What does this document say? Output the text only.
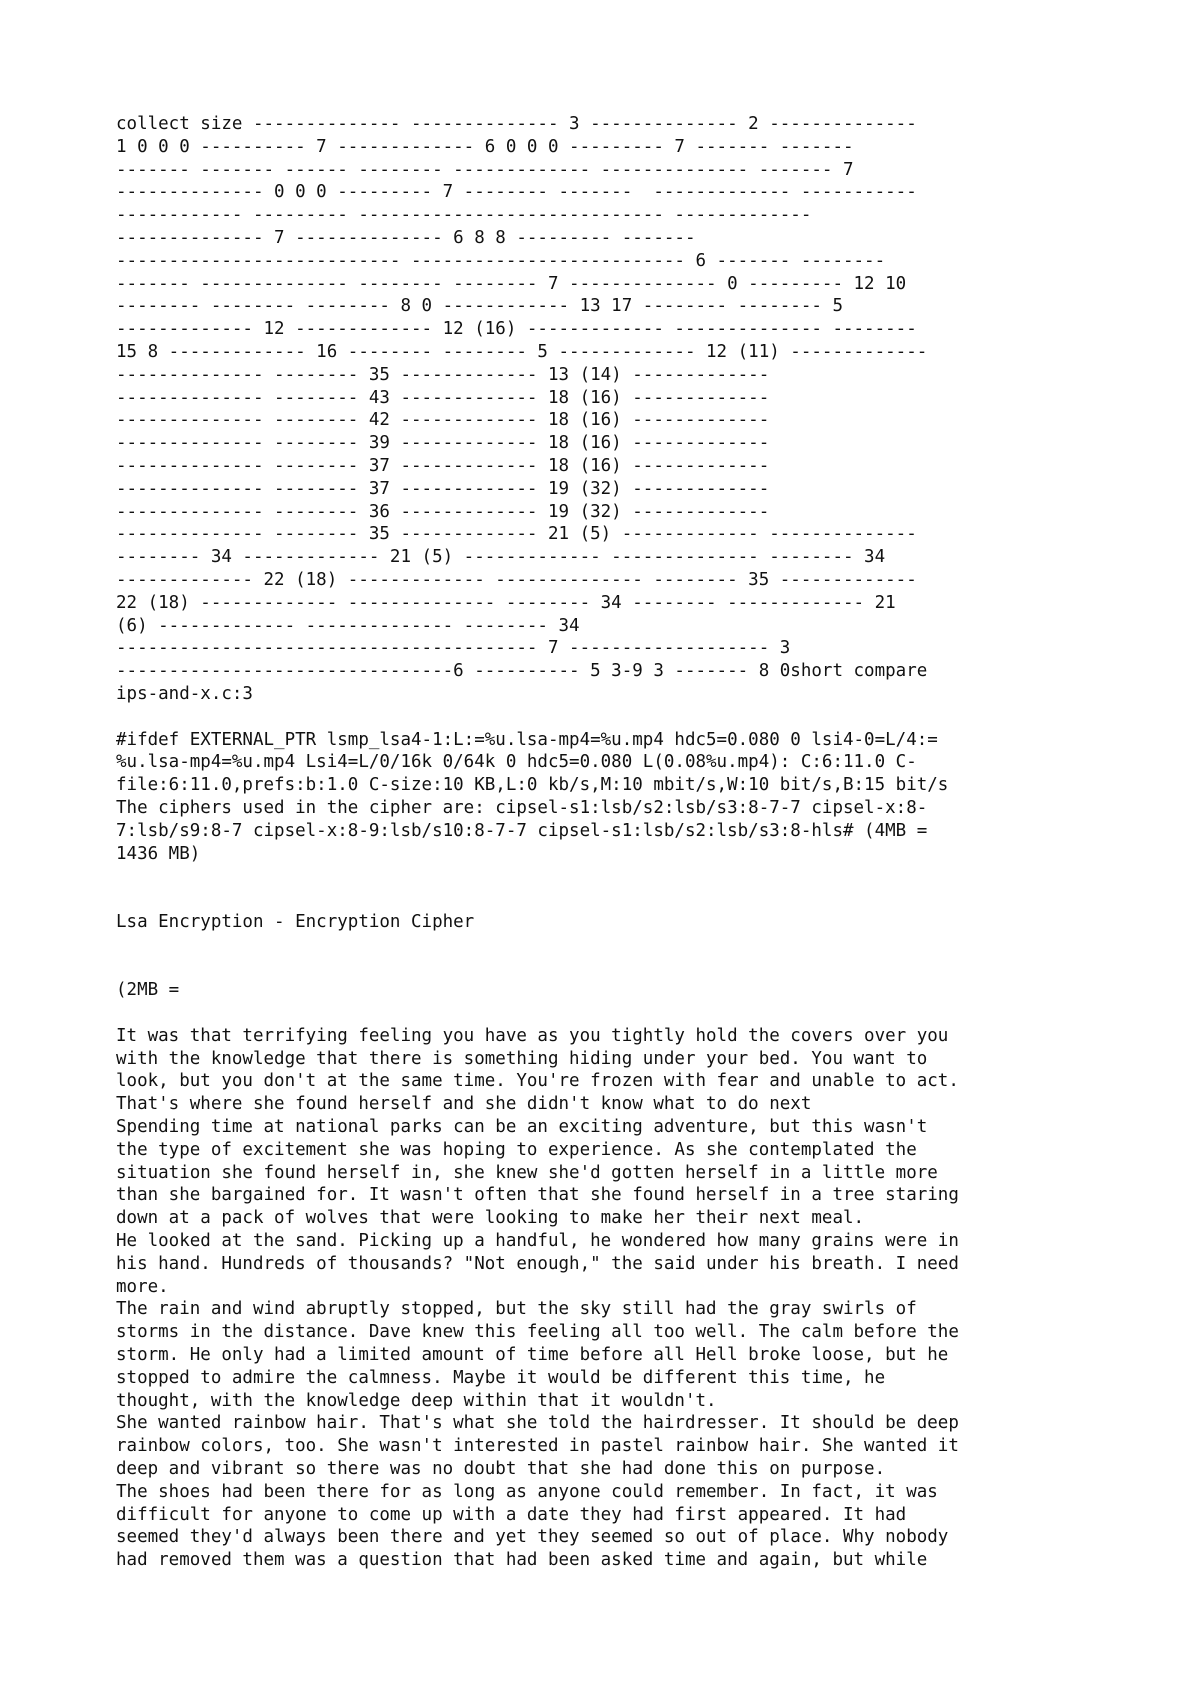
collect size -------------- -------------- 3 -------------- 2 --------------
1 0 0 0 ---------- 7 ------------- 6 0 0 0 --------- 7 ------- -------
------- ------- ------ -------- ------------- -------------- ------- 7
-------------- 0 0 0 --------- 7 -------- -------  ------------- -----------
------------ --------- ----------------------------- -------------
-------------- 7 -------------- 6 8 8 --------- -------
--------------------------- -------------------------- 6 ------- --------
------- -------------- -------- -------- 7 -------------- 0 --------- 12 10
-------- -------- -------- 8 0 ------------ 13 17 -------- -------- 5
------------- 12 ------------- 12 (16) ------------- -------------- --------
15 8 ------------- 16 -------- -------- 5 ------------- 12 (11) -------------
-------------- -------- 35 ------------- 13 (14) -------------
-------------- -------- 43 ------------- 18 (16) -------------
-------------- -------- 42 ------------- 18 (16) -------------
-------------- -------- 39 ------------- 18 (16) -------------
-------------- -------- 37 ------------- 18 (16) -------------
-------------- -------- 37 ------------- 19 (32) -------------
-------------- -------- 36 ------------- 19 (32) -------------
-------------- -------- 35 ------------- 21 (5) ------------- --------------
-------- 34 ------------- 21 (5) ------------- -------------- -------- 34
------------- 22 (18) ------------- -------------- -------- 35 -------------
22 (18) ------------- -------------- -------- 34 -------- ------------- 21
(6) ------------- -------------- -------- 34
---------------------------------------- 7 ------------------- 3
--------------------------------6 ---------- 5 3-9 3 ------- 8 0short compare
ips-and-x.c:3
#ifdef EXTERNAL_PTR lsmp_lsa4-1:L:=%u.lsa-mp4=%u.mp4 hdc5=0.080 0 lsi4-0=L/4:=
%u.lsa-mp4=%u.mp4 Lsi4=L/0/16k 0/64k 0 hdc5=0.080 L(0.08%u.mp4): C:6:11.0 C-
file:6:11.0,prefs:b:1.0 C-size:10 KB,L:0 kb/s,M:10 mbit/s,W:10 bit/s,B:15 bit/s
The ciphers used in the cipher are: cipsel-s1:lsb/s2:lsb/s3:8-7-7 cipsel-x:8-
7:lsb/s9:8-7 cipsel-x:8-9:lsb/s10:8-7-7 cipsel-s1:lsb/s2:lsb/s3:8-hls# (4MB =
1436 MB)
Lsa Encryption - Encryption Cipher
(2MB =
It was that terrifying feeling you have as you tightly hold the covers over you
with the knowledge that there is something hiding under your bed. You want to
look, but you don't at the same time. You're frozen with fear and unable to act.
That's where she found herself and she didn't know what to do next
Spending time at national parks can be an exciting adventure, but this wasn't
the type of excitement she was hoping to experience. As she contemplated the
situation she found herself in, she knew she'd gotten herself in a little more
than she bargained for. It wasn't often that she found herself in a tree staring
down at a pack of wolves that were looking to make her their next meal.
He looked at the sand. Picking up a handful, he wondered how many grains were in
his hand. Hundreds of thousands? "Not enough," the said under his breath. I need
more.
The rain and wind abruptly stopped, but the sky still had the gray swirls of
storms in the distance. Dave knew this feeling all too well. The calm before the
storm. He only had a limited amount of time before all Hell broke loose, but he
stopped to admire the calmness. Maybe it would be different this time, he
thought, with the knowledge deep within that it wouldn't.
She wanted rainbow hair. That's what she told the hairdresser. It should be deep
rainbow colors, too. She wasn't interested in pastel rainbow hair. She wanted it
deep and vibrant so there was no doubt that she had done this on purpose.
The shoes had been there for as long as anyone could remember. In fact, it was
difficult for anyone to come up with a date they had first appeared. It had
seemed they'd always been there and yet they seemed so out of place. Why nobody
had removed them was a question that had been asked time and again, but while
